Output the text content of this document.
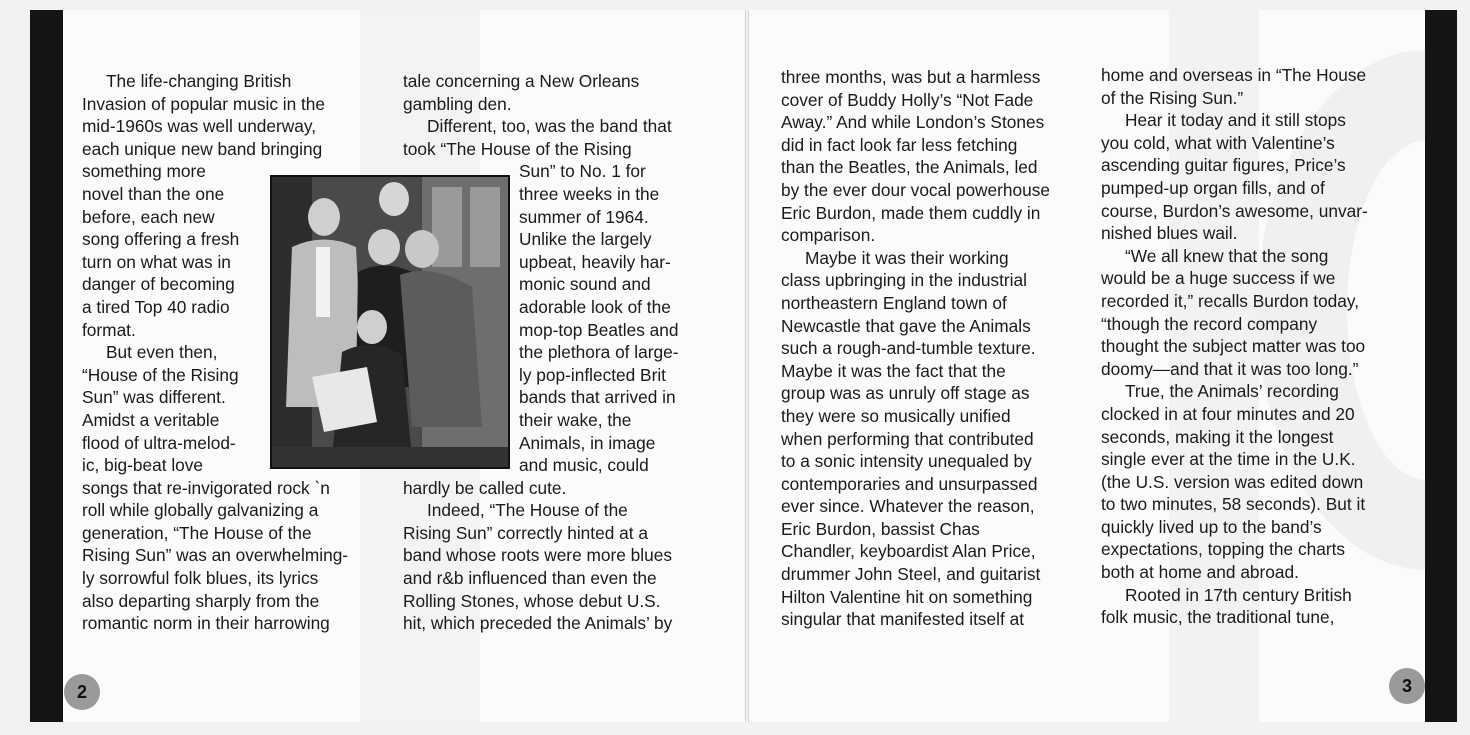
The life-changing British
Invasion of popular music in the
mid-1960s was well underway,
each unique new band bringing
something more
novel than the one
before, each new
song offering a fresh
turn on what was in
danger of becoming
a tired Top 40 radio
format.
But even then,
“House of the Rising
Sun” was different.
Amidst a veritable
flood of ultra-melod-
ic, big-beat love
songs that re-invigorated rock `n
roll while globally galvanizing a
generation, “The House of the
Rising Sun” was an overwhelming-
ly sorrowful folk blues, its lyrics
also departing sharply from the
romantic norm in their harrowing
tale concerning a New Orleans
gambling den.
Different, too, was the band that
took “The House of the Rising
Sun” to No. 1 for
three weeks in the
summer of 1964.
Unlike the largely
upbeat, heavily har-
monic sound and
adorable look of the
mop-top Beatles and
the plethora of large-
ly pop-inflected Brit
bands that arrived in
their wake, the
Animals, in image
and music, could
hardly be called cute.
Indeed, “The House of the
Rising Sun” correctly hinted at a
band whose roots were more blues
and r&b influenced than even the
Rolling Stones, whose debut U.S.
hit, which preceded the Animals’ by
2
three months, was but a harmless
cover of Buddy Holly’s “Not Fade
Away.” And while London’s Stones
did in fact look far less fetching
than the Beatles, the Animals, led
by the ever dour vocal powerhouse
Eric Burdon, made them cuddly in
comparison.
Maybe it was their working
class upbringing in the industrial
northeastern England town of
Newcastle that gave the Animals
such a rough-and-tumble texture.
Maybe it was the fact that the
group was as unruly off stage as
they were so musically unified
when performing that contributed
to a sonic intensity unequaled by
contemporaries and unsurpassed
ever since. Whatever the reason,
Eric Burdon, bassist Chas
Chandler, keyboardist Alan Price,
drummer John Steel, and guitarist
Hilton Valentine hit on something
singular that manifested itself at
home and overseas in “The House
of the Rising Sun.”
Hear it today and it still stops
you cold, what with Valentine’s
ascending guitar figures, Price’s
pumped-up organ fills, and of
course, Burdon’s awesome, unvar-
nished blues wail.
“We all knew that the song
would be a huge success if we
recorded it,” recalls Burdon today,
“though the record company
thought the subject matter was too
doomy—and that it was too long.”
True, the Animals’ recording
clocked in at four minutes and 20
seconds, making it the longest
single ever at the time in the U.K.
(the U.S. version was edited down
to two minutes, 58 seconds). But it
quickly lived up to the band’s
expectations, topping the charts
both at home and abroad.
Rooted in 17th century British
folk music, the traditional tune,
3
